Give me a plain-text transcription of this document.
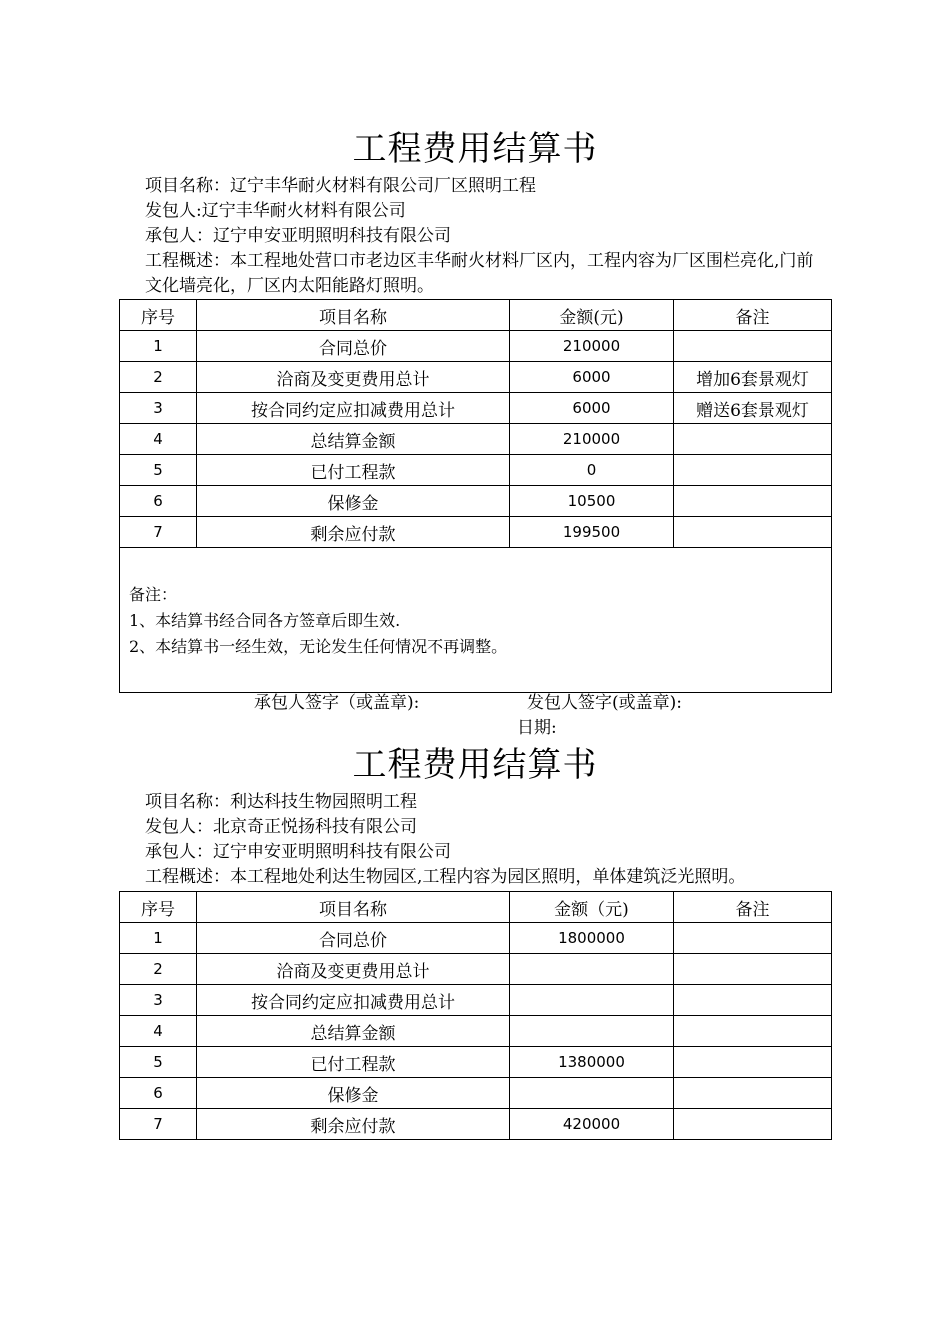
工程费用结算书
项目名称：辽宁丰华耐火材料有限公司厂区照明工程
发包人:辽宁丰华耐火材料有限公司
承包人：辽宁申安亚明照明科技有限公司
工程概述：本工程地处营口市老边区丰华耐火材料厂区内，工程内容为厂区围栏亮化,门前文化墙亮化，厂区内太阳能路灯照明。
序号	项目名称	金额(元)	备注
1	合同总价	210000	
2	洽商及变更费用总计	6000	增加6套景观灯
3	按合同约定应扣减费用总计	6000	赠送6套景观灯
4	总结算金额	210000	
5	已付工程款	0	
6	保修金	10500	
7	剩余应付款	199500	

备注：
1、本结算书经合同各方签章后即生效.
2、本结算书一经生效，无论发生任何情况不再调整。			
承包人签字（或盖章):	发包人签字(或盖章):
日期:
工程费用结算书
项目名称：利达科技生物园照明工程
发包人：北京奇正悦扬科技有限公司
承包人：辽宁申安亚明照明科技有限公司
工程概述：本工程地处利达生物园区,工程内容为园区照明，单体建筑泛光照明。
序号	项目名称	金额（元)	备注
1	合同总价	1800000	
2	洽商及变更费用总计		
3	按合同约定应扣减费用总计		
4	总结算金额		
5	已付工程款	1380000	
6	保修金		
7	剩余应付款	420000	
